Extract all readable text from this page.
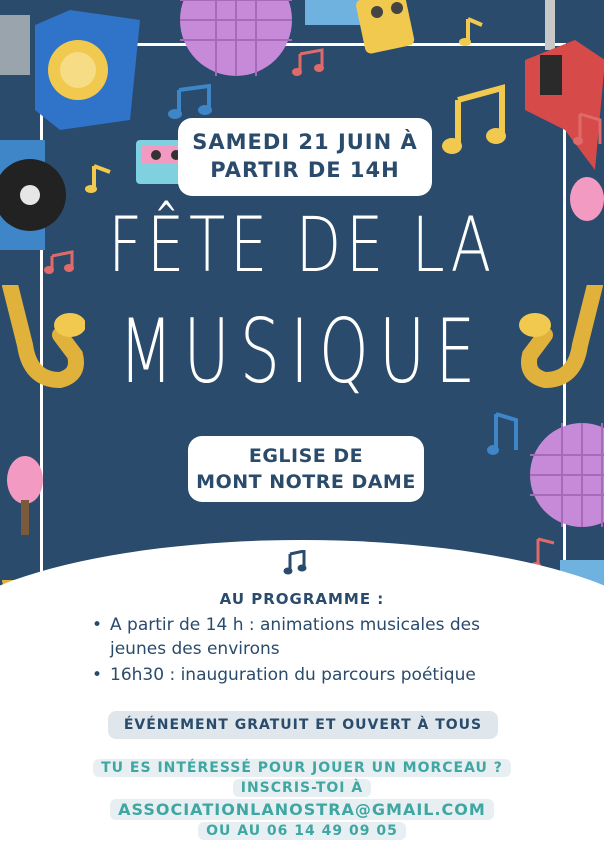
SAMEDI 21 JUIN À
PARTIR DE 14H
FÊTE DE LA
MUSIQUE
EGLISE DE
MONT NOTRE DAME
AU PROGRAMME :
• A partir de 14 h : animations musicales des jeunes des environs
• 16h30 : inauguration du parcours poétique
ÉVÉNEMENT GRATUIT ET OUVERT À TOUS
TU ES INTÉRESSÉ POUR JOUER UN MORCEAU ?
INSCRIS-TOI À
ASSOCIATIONLANOSTRA@GMAIL.COM
OU AU 06 14 49 09 05
